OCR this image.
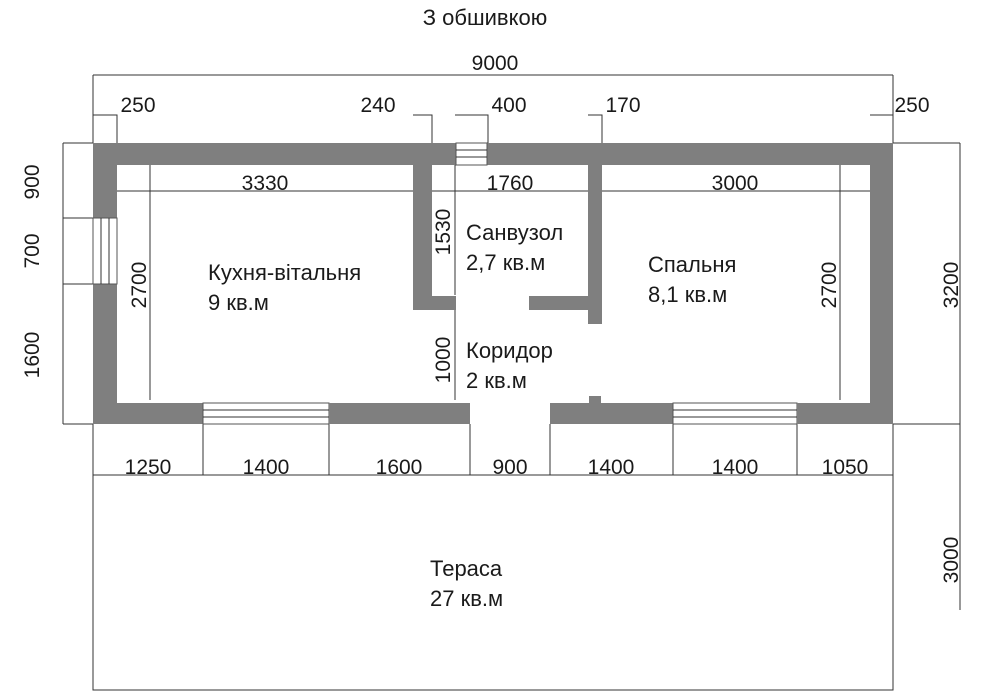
З обшивкою
9000
250	240	400	170	250
3330	1760	3000
900
700
1600
2700
1530
1000
2700	3200
3000
1250	1400	1600	900	1400	1400	1050
Кухня-вітальня
9 кв.м
Санвузол
2,7 кв.м	Спальня
8,1 кв.м
Коридор
2 кв.м
Тераса
27 кв.м
